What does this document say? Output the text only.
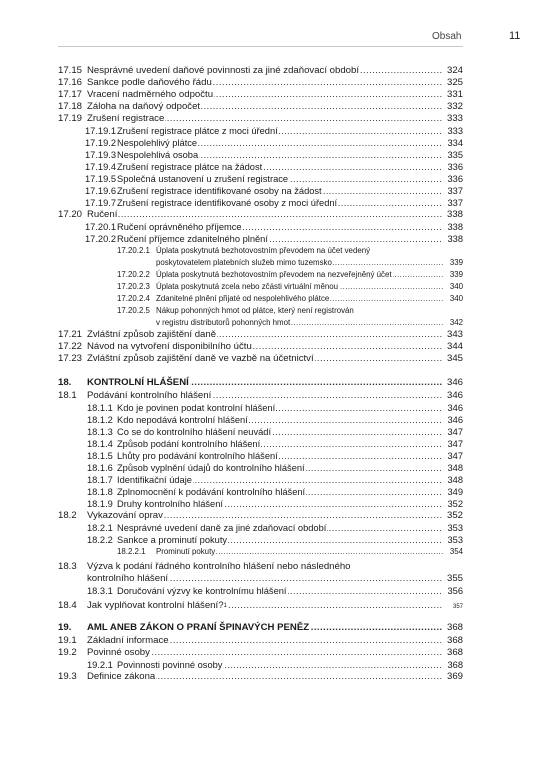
Obsah	11
17.15 Nesprávné uvedení daňové povinnosti za jiné zdaňovací období .....	324
17.16 Sankce podle daňového řádu .....	325
17.17 Vracení nadměrného odpočtu .....	331
17.18 Záloha na daňový odpočet .....	332
17.19 Zrušení registrace .....	333
17.19.1 Zrušení registrace plátce z moci úřední .....	333
17.19.2 Nespolehlivý plátce .....	334
17.19.3 Nespolehlivá osoba .....	335
17.19.4 Zrušení registrace plátce na žádost .....	336
17.19.5 Společná ustanovení u zrušení registrace .....	336
17.19.6 Zrušení registrace identifikované osoby na žádost .....	337
17.19.7 Zrušení registrace identifikované osoby z moci úřední .....	337
17.20 Ručení .....	338
17.20.1 Ručení oprávněného příjemce .....	338
17.20.2 Ručení příjemce zdanitelného plnění .....	338
17.20.2.1 Úplata poskytnutá bezhotovostním převodem na účet vedený
poskytovatelem platebních služeb mimo tuzemsko .....	339
17.20.2.2 Úplata poskytnutá bezhotovostním převodem na nezveřejněný účet .....	339
17.20.2.3 Úplata poskytnutá zcela nebo zčásti virtuální měnou .....	340
17.20.2.4 Zdanitelné plnění přijaté od nespolehlivého plátce .....	340
17.20.2.5 Nákup pohonných hmot od plátce, který není registrován
v registru distributorů pohonných hmot .....	342
17.21 Zvláštní způsob zajištění daně .....	343
17.22 Návod na vytvoření disponibilního účtu .....	344
17.23 Zvláštní způsob zajištění daně ve vazbě na účetnictví .....	345
18. KONTROLNÍ HLÁŠENÍ .....	346
18.1 Podávání kontrolního hlášení .....	346
18.1.1 Kdo je povinen podat kontrolní hlášení .....	346
18.1.2 Kdo nepodává kontrolní hlášení .....	346
18.1.3 Co se do kontrolního hlášení neuvádí .....	347
18.1.4 Způsob podání kontrolního hlášení .....	347
18.1.5 Lhůty pro podávání kontrolního hlášení .....	347
18.1.6 Způsob vyplnění údajů do kontrolního hlášení .....	348
18.1.7 Identifikační údaje .....	348
18.1.8 Zplnomocnění k podávání kontrolního hlášení .....	349
18.1.9 Druhy kontrolního hlášení .....	352
18.2 Vykazování oprav .....	352
18.2.1 Nesprávné uvedení daně za jiné zdaňovací období .....	353
18.2.2 Sankce a prominutí pokuty .....	353
18.2.2.1 Prominutí pokuty .....	354
18.3 Výzva k podání řádného kontrolního hlášení nebo následného
kontrolního hlášení .....	355
18.3.1 Doručování výzvy ke kontrolnímu hlášení .....	356
18.4 Jak vyplňovat kontrolní hlášení?$^1$ .....	357
19. AML ANEB ZÁKON O PRANÍ ŠPINAVÝCH PENĚZ .....	368
19.1 Základní informace .....	368
19.2 Povinné osoby .....	368
19.2.1 Povinnosti povinné osoby .....	368
19.3 Definice zákona .....	369
